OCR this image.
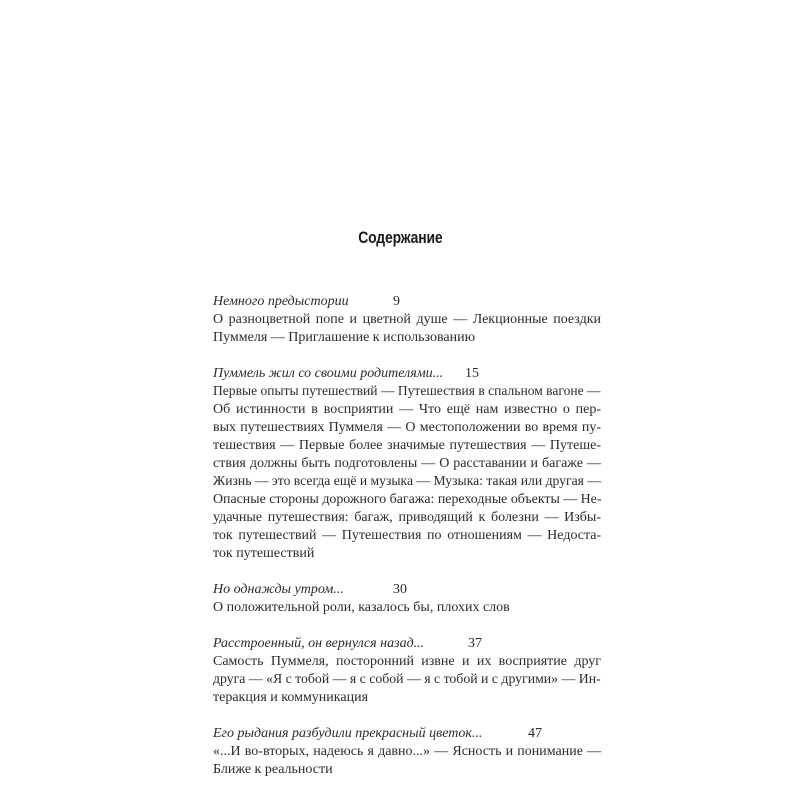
Содержание
Немного предыстории	9
О разноцветной попе и цветной душе — Лекционные поездки
Пуммеля — Приглашение к использованию
Пуммель жил со своими родителями...	15
Первые опыты путешествий — Путешествия в спальном вагоне —
Об истинности в восприятии — Что ещё нам известно о пер-
вых путешествиях Пуммеля — О местоположении во время пу-
тешествия — Первые более значимые путешествия — Путеше-
ствия должны быть подготовлены — О расставании и багаже —
Жизнь — это всегда ещё и музыка — Музыка: такая или другая —
Опасные стороны дорожного багажа: переходные объекты — Не-
удачные путешествия: багаж, приводящий к болезни — Избы-
ток путешествий — Путешествия по отношениям — Недоста-
ток путешествий
Но однажды утром...	30
О положительной роли, казалось бы, плохих слов
Расстроенный, он вернулся назад...	37
Самость Пуммеля, посторонний извне и их восприятие друг
друга — «Я с тобой — я с собой — я с тобой и с другими» — Ин-
теракция и коммуникация
Его рыдания разбудили прекрасный цветок...	47
«...И во-вторых, надеюсь я давно...» — Ясность и понимание —
Ближе к реальности
